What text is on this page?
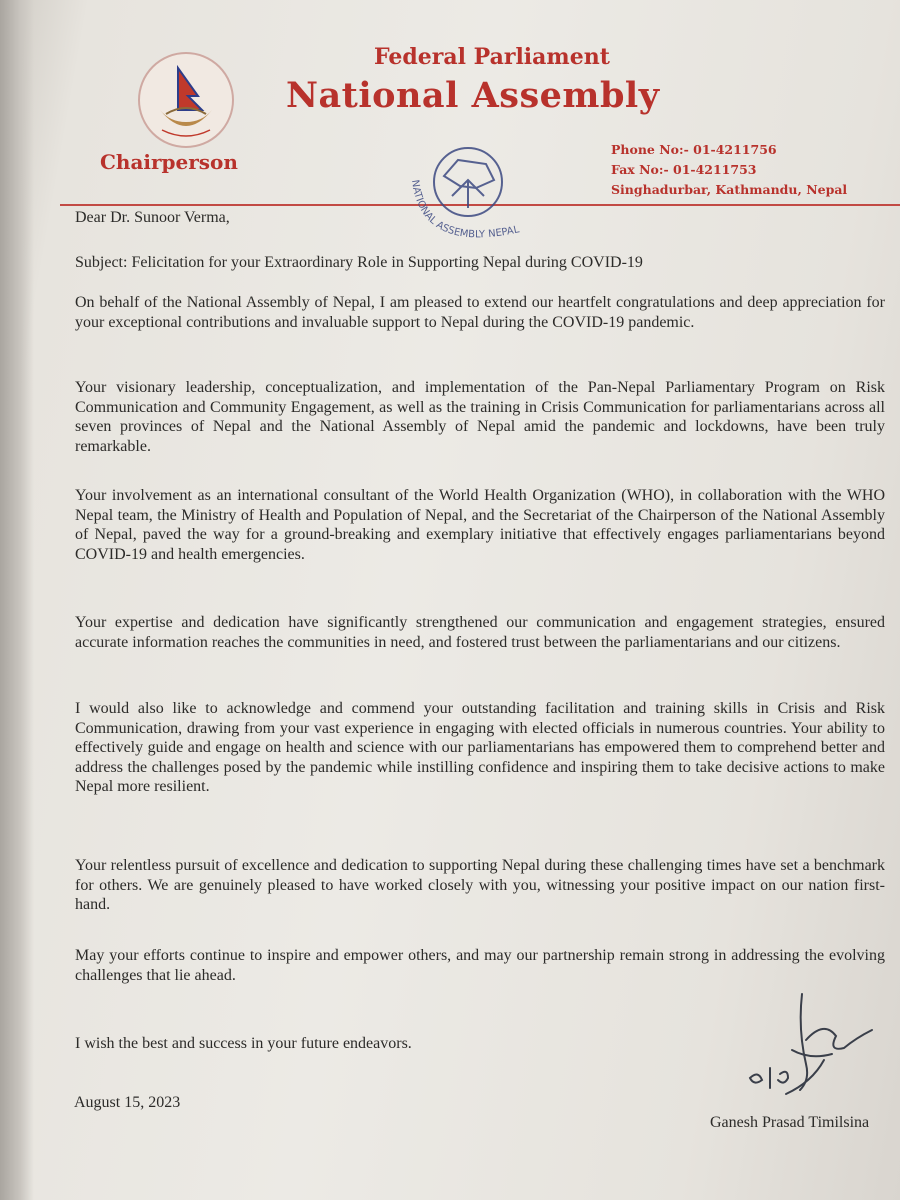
Chairperson

Federal Parliament

National Assembly

Phone No:- 01-4211756
Fax No:- 01-4211753
Singhadurbar, Kathmandu, Nepal
NATIONAL ASSEMBLY NEPAL

Dear Dr. Sunoor Verma,

Subject: Felicitation for your Extraordinary Role in Supporting Nepal during COVID-19

On behalf of the National Assembly of Nepal, I am pleased to extend our heartfelt congratulations and deep appreciation for your exceptional contributions and invaluable support to Nepal during the COVID-19 pandemic.

Your visionary leadership, conceptualization, and implementation of the Pan-Nepal Parliamentary Program on Risk Communication and Community Engagement, as well as the training in Crisis Communication for parliamentarians across all seven provinces of Nepal and the National Assembly of Nepal amid the pandemic and lockdowns, have been truly remarkable.

Your involvement as an international consultant of the World Health Organization (WHO), in collaboration with the WHO Nepal team, the Ministry of Health and Population of Nepal, and the Secretariat of the Chairperson of the National Assembly of Nepal, paved the way for a ground-breaking and exemplary initiative that effectively engages parliamentarians beyond COVID-19 and health emergencies.

Your expertise and dedication have significantly strengthened our communication and engagement strategies, ensured accurate information reaches the communities in need, and fostered trust between the parliamentarians and our citizens.

I would also like to acknowledge and commend your outstanding facilitation and training skills in Crisis and Risk Communication, drawing from your vast experience in engaging with elected officials in numerous countries. Your ability to effectively guide and engage on health and science with our parliamentarians has empowered them to comprehend better and address the challenges posed by the pandemic while instilling confidence and inspiring them to take decisive actions to make Nepal more resilient.

Your relentless pursuit of excellence and dedication to supporting Nepal during these challenging times have set a benchmark for others. We are genuinely pleased to have worked closely with you, witnessing your positive impact on our nation first-hand.

May your efforts continue to inspire and empower others, and may our partnership remain strong in addressing the evolving challenges that lie ahead.

I wish the best and success in your future endeavors.

August 15, 2023

Ganesh Prasad Timilsina
